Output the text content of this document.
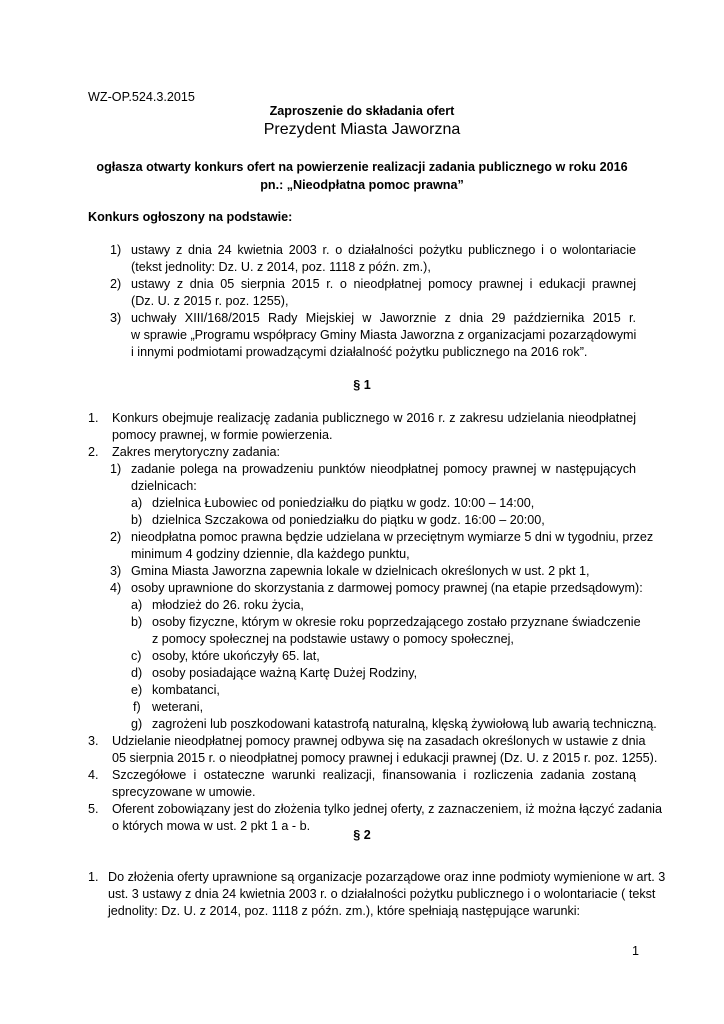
WZ-OP.524.3.2015
Zaproszenie do składania ofert
Prezydent Miasta Jaworzna
ogłasza otwarty konkurs ofert na powierzenie realizacji zadania publicznego w roku 2016
pn.: „Nieodpłatna pomoc prawna”
Konkurs ogłoszony na podstawie:
1) ustawy z dnia 24 kwietnia 2003 r. o działalności pożytku publicznego i o wolontariacie
(tekst jednolity: Dz. U. z 2014, poz. 1118 z późn. zm.),
2) ustawy z dnia 05 sierpnia 2015 r. o nieodpłatnej pomocy prawnej i edukacji prawnej
(Dz. U. z 2015 r. poz. 1255),
3) uchwały XIII/168/2015 Rady Miejskiej w Jaworznie z dnia 29 października 2015 r.
w sprawie „Programu współpracy Gminy Miasta Jaworzna z organizacjami pozarządowymi
i innymi podmiotami prowadzącymi działalność pożytku publicznego na 2016 rok”.
§ 1
1. Konkurs obejmuje realizację zadania publicznego w 2016 r. z zakresu udzielania nieodpłatnej
pomocy prawnej, w formie powierzenia.
2. Zakres merytoryczny zadania:
1) zadanie polega na prowadzeniu punktów nieodpłatnej pomocy prawnej w następujących
dzielnicach:
a) dzielnica Łubowiec od poniedziałku do piątku w godz. 10:00 – 14:00,
b) dzielnica Szczakowa od poniedziałku do piątku w godz. 16:00 – 20:00,
2) nieodpłatna pomoc prawna będzie udzielana w przeciętnym wymiarze 5 dni w tygodniu, przez
minimum 4 godziny dziennie, dla każdego punktu,
3) Gmina Miasta Jaworzna zapewnia lokale w dzielnicach określonych w ust. 2 pkt 1,
4) osoby uprawnione do skorzystania z darmowej pomocy prawnej (na etapie przedsądowym):
a) młodzież do 26. roku życia,
b) osoby fizyczne, którym w okresie roku poprzedzającego zostało przyznane świadczenie
z pomocy społecznej na podstawie ustawy o pomocy społecznej,
c) osoby, które ukończyły 65. lat,
d) osoby posiadające ważną Kartę Dużej Rodziny,
e) kombatanci,
f) weterani,
g) zagrożeni lub poszkodowani katastrofą naturalną, klęską żywiołową lub awarią techniczną.
3. Udzielanie nieodpłatnej pomocy prawnej odbywa się na zasadach określonych w ustawie z dnia
05 sierpnia 2015 r. o nieodpłatnej pomocy prawnej i edukacji prawnej (Dz. U. z 2015 r. poz. 1255).
4. Szczegółowe i ostateczne warunki realizacji, finansowania i rozliczenia zadania zostaną
sprecyzowane w umowie.
5. Oferent zobowiązany jest do złożenia tylko jednej oferty, z zaznaczeniem, iż można łączyć zadania
o których mowa w ust. 2 pkt 1 a - b.
§ 2
1. Do złożenia oferty uprawnione są organizacje pozarządowe oraz inne podmioty wymienione w art. 3
ust. 3 ustawy z dnia 24 kwietnia 2003 r. o działalności pożytku publicznego i o wolontariacie ( tekst
jednolity: Dz. U. z 2014, poz. 1118 z późn. zm.), które spełniają następujące warunki:
1
